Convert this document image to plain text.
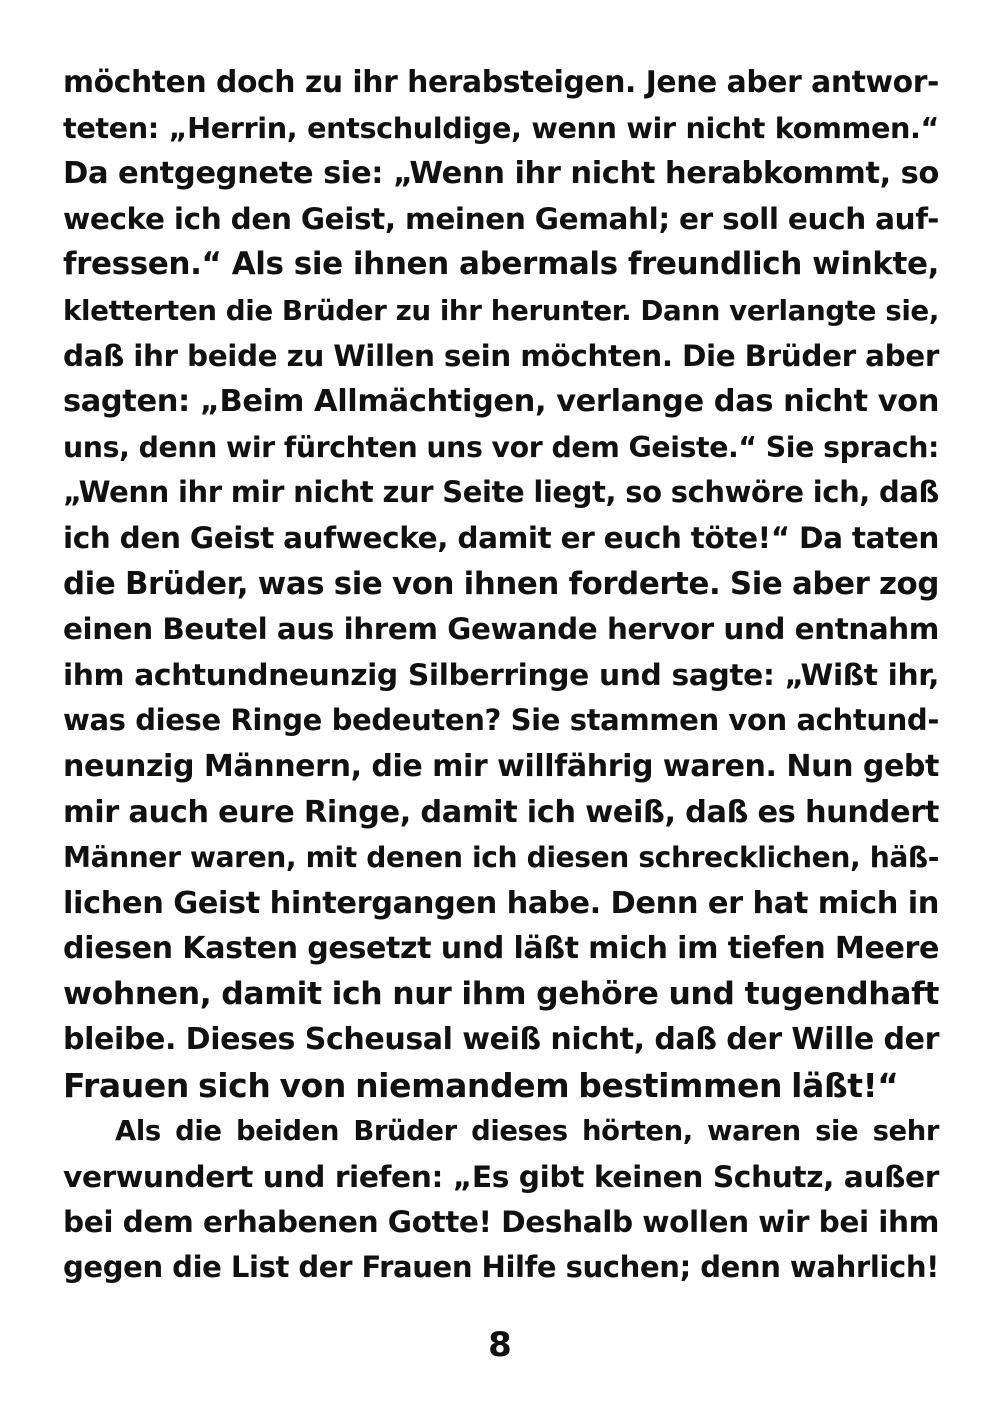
möchten doch zu ihr herabsteigen. Jene aber antwor-
teten: „Herrin, entschuldige, wenn wir nicht kommen.“
Da entgegnete sie: „Wenn ihr nicht herabkommt, so
wecke ich den Geist, meinen Gemahl; er soll euch auf-
fressen.“ Als sie ihnen abermals freundlich winkte,
kletterten die Brüder zu ihr herunter. Dann verlangte sie,
daß ihr beide zu Willen sein möchten. Die Brüder aber
sagten: „Beim Allmächtigen, verlange das nicht von
uns, denn wir fürchten uns vor dem Geiste.“ Sie sprach:
„Wenn ihr mir nicht zur Seite liegt, so schwöre ich, daß
ich den Geist aufwecke, damit er euch töte!“ Da taten
die Brüder, was sie von ihnen forderte. Sie aber zog
einen Beutel aus ihrem Gewande hervor und entnahm
ihm achtundneunzig Silberringe und sagte: „Wißt ihr,
was diese Ringe bedeuten? Sie stammen von achtund-
neunzig Männern, die mir willfährig waren. Nun gebt
mir auch eure Ringe, damit ich weiß, daß es hundert
Männer waren, mit denen ich diesen schrecklichen, häß-
lichen Geist hintergangen habe. Denn er hat mich in
diesen Kasten gesetzt und läßt mich im tiefen Meere
wohnen, damit ich nur ihm gehöre und tugendhaft
bleibe. Dieses Scheusal weiß nicht, daß der Wille der
Frauen sich von niemandem bestimmen läßt!“
Als die beiden Brüder dieses hörten, waren sie sehr
verwundert und riefen: „Es gibt keinen Schutz, außer
bei dem erhabenen Gotte! Deshalb wollen wir bei ihm
gegen die List der Frauen Hilfe suchen; denn wahrlich!
8
